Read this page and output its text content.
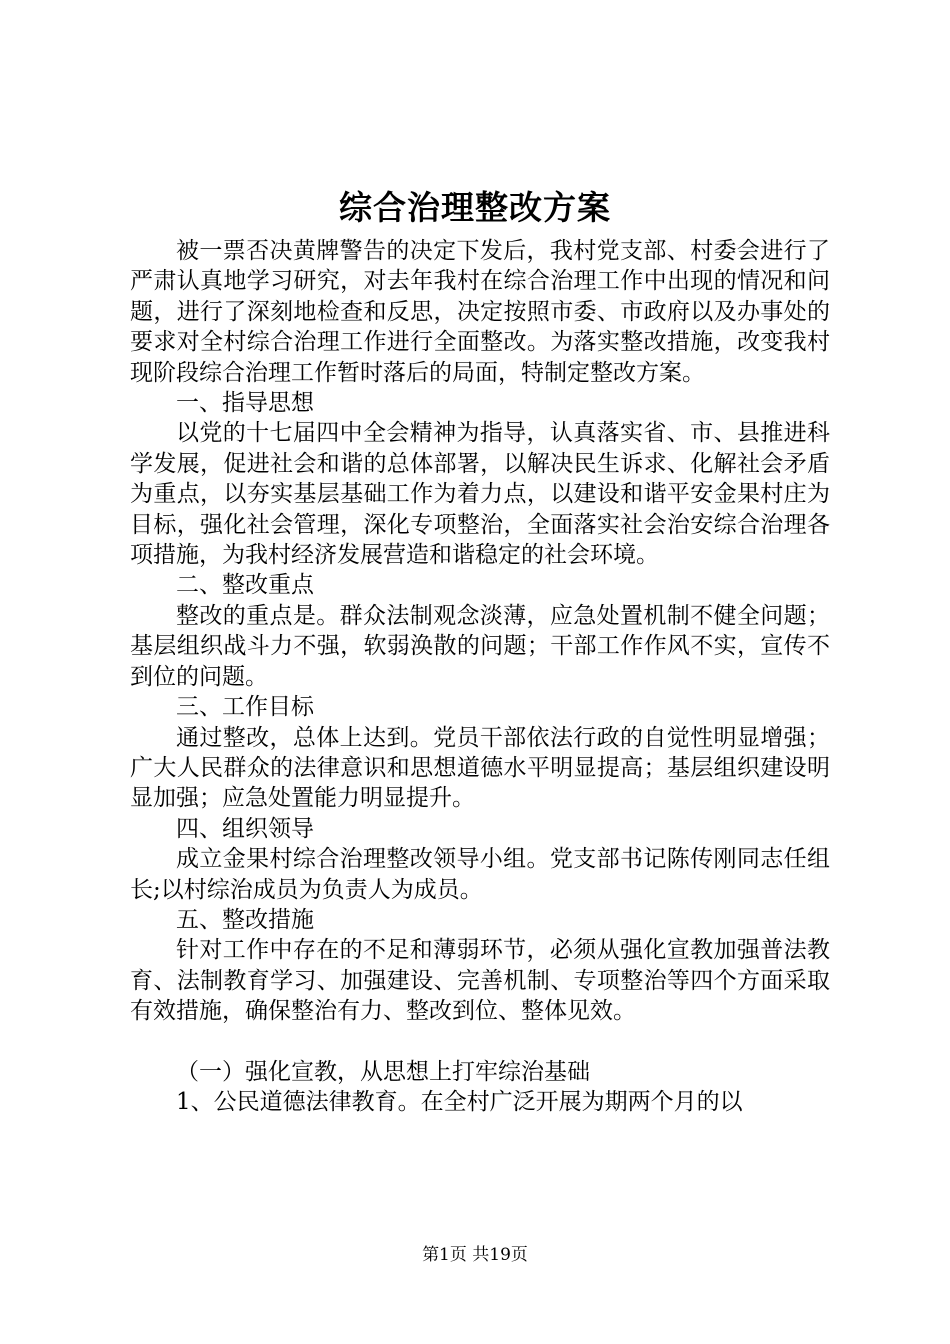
综合治理整改方案

被一票否决黄牌警告的决定下发后，我村党支部、村委会进行了严肃认真地学习研究，对去年我村在综合治理工作中出现的情况和问题，进行了深刻地检查和反思，决定按照市委、市政府以及办事处的要求对全村综合治理工作进行全面整改。为落实整改措施，改变我村现阶段综合治理工作暂时落后的局面，特制定整改方案。

一、指导思想

以党的十七届四中全会精神为指导，认真落实省、市、县推进科学发展，促进社会和谐的总体部署，以解决民生诉求、化解社会矛盾为重点，以夯实基层基础工作为着力点，以建设和谐平安金果村庄为目标，强化社会管理，深化专项整治，全面落实社会治安综合治理各项措施，为我村经济发展营造和谐稳定的社会环境。

二、整改重点

整改的重点是。群众法制观念淡薄，应急处置机制不健全问题；基层组织战斗力不强，软弱涣散的问题；干部工作作风不实，宣传不到位的问题。

三、工作目标

通过整改，总体上达到。党员干部依法行政的自觉性明显增强；广大人民群众的法律意识和思想道德水平明显提高；基层组织建设明显加强；应急处置能力明显提升。

四、组织领导

成立金果村综合治理整改领导小组。党支部书记陈传刚同志任组长;以村综治成员为负责人为成员。

五、整改措施

针对工作中存在的不足和薄弱环节，必须从强化宣教加强普法教育、法制教育学习、加强建设、完善机制、专项整治等四个方面采取有效措施，确保整治有力、整改到位、整体见效。

（一）强化宣教，从思想上打牢综治基础

1、公民道德法律教育。在全村广泛开展为期两个月的以

第1页 共19页
